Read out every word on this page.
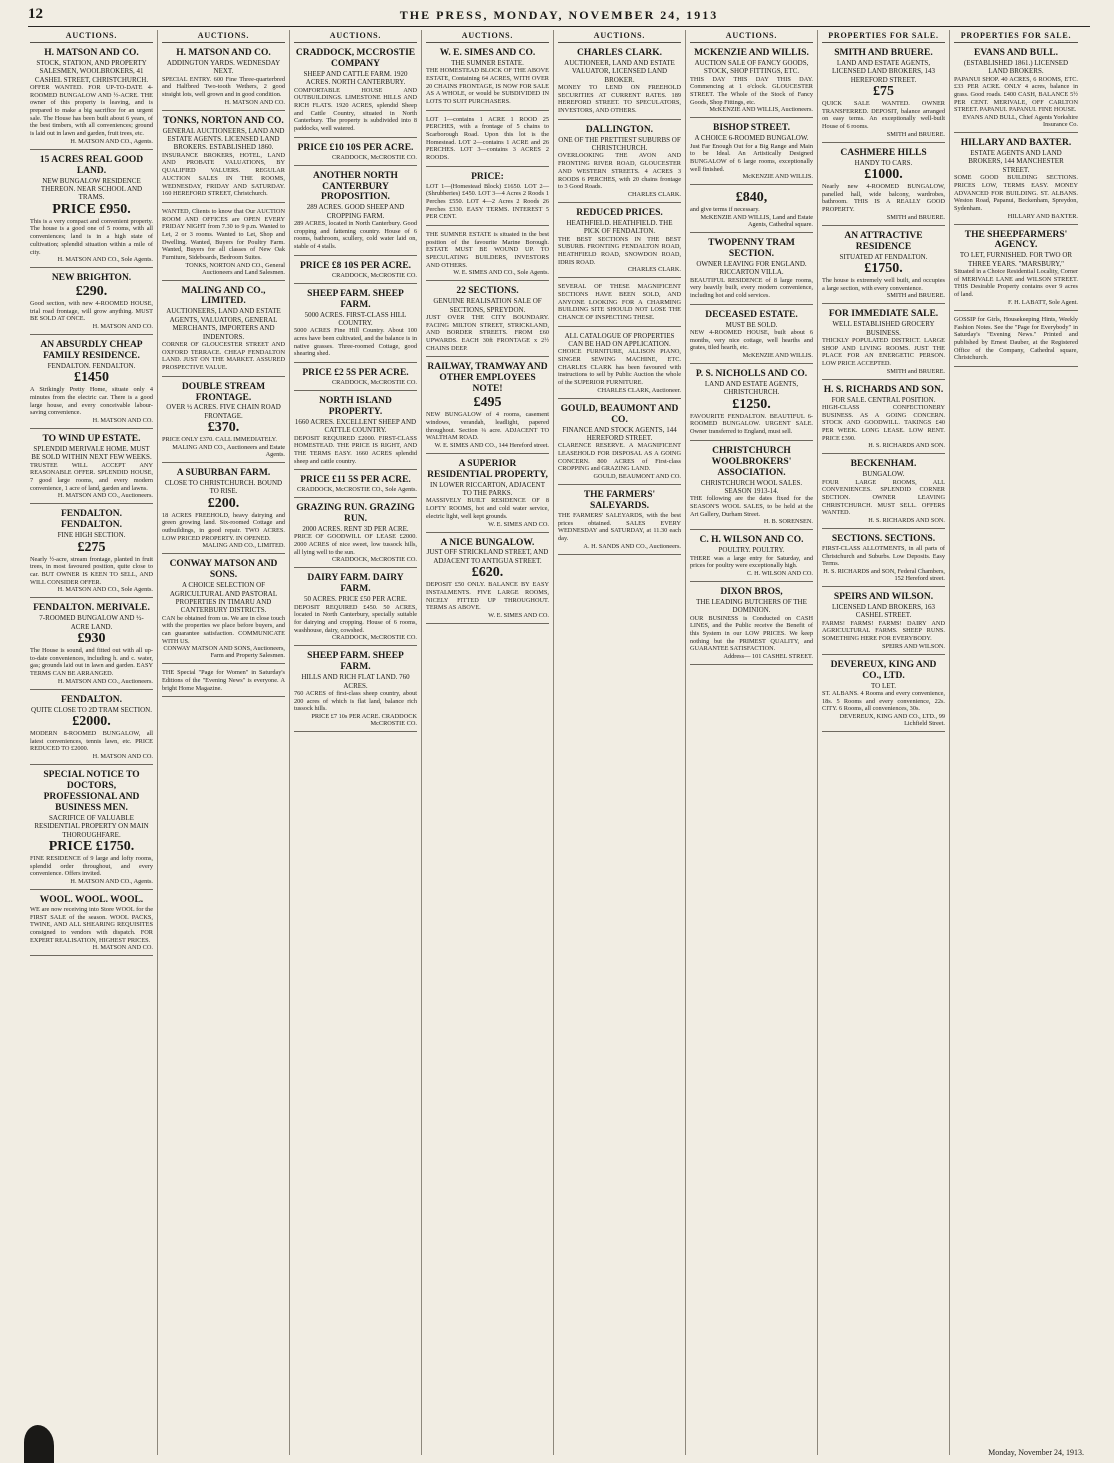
12	THE PRESS, MONDAY, NOVEMBER 24, 1913
AUCTIONS.

H. MATSON AND CO.

STOCK, STATION, AND PROPERTY SALESMEN, WOOLBROKERS, 41 CASHEL STREET, CHRISTCHURCH.

OFFER WANTED. FOR UP-TO-DATE 4-ROOMED BUNGALOW AND ½-ACRE. THE owner of this property is leaving, and is prepared to make a big sacrifice for an urgent sale. The House has been built about 6 years, of the best timbers, with all conveniences; ground is laid out in lawn and garden, fruit trees, etc.

H. MATSON AND CO., Agents.

15 ACRES REAL GOOD LAND.

NEW BUNGALOW RESIDENCE THEREON. NEAR SCHOOL AND TRAMS.

PRICE £950.

This is a very compact and convenient property. The house is a good one of 5 rooms, with all conveniences; land is in a high state of cultivation; splendid situation within a mile of city.

H. MATSON AND CO., Sole Agents.

NEW BRIGHTON.

£290.

Good section, with new 4-ROOMED HOUSE, trial road frontage, will grow anything. MUST BE SOLD AT ONCE.

H. MATSON AND CO.

AN ABSURDLY CHEAP FAMILY RESIDENCE.

FENDALTON. FENDALTON.

£1450

A Strikingly Pretty Home, situate only 4 minutes from the electric car. There is a good large house, and every conceivable labour-saving convenience.

H. MATSON AND CO.

TO WIND UP ESTATE.

SPLENDID MERIVALE HOME. MUST BE SOLD WITHIN NEXT FEW WEEKS.

TRUSTEE WILL ACCEPT ANY REASONABLE OFFER. SPLENDID HOUSE, 7 good large rooms, and every modern convenience, 1 acre of land, garden and lawns.

H. MATSON AND CO., Auctioneers.

FENDALTON. FENDALTON.

FINE HIGH SECTION.

£275

Nearly ½-acre, stream frontage, planted in fruit trees, in most favoured position, quite close to car. BUT OWNER IS KEEN TO SELL, AND WILL CONSIDER OFFER.

H. MATSON AND CO., Sole Agents.

FENDALTON. MERIVALE.

7-ROOMED BUNGALOW AND ½-ACRE LAND.

£930

The House is sound, and fitted out with all up-to-date conveniences, including h. and c. water, gas; grounds laid out in lawn and garden. EASY TERMS CAN BE ARRANGED.

H. MATSON AND CO., Auctioneers.

FENDALTON.

QUITE CLOSE TO 2D TRAM SECTION.

£2000.

MODERN 8-ROOMED BUNGALOW, all latest conveniences, tennis lawn, etc. PRICE REDUCED TO £2000.

H. MATSON AND CO.

SPECIAL NOTICE TO DOCTORS, PROFESSIONAL AND BUSINESS MEN.

SACRIFICE OF VALUABLE RESIDENTIAL PROPERTY ON MAIN THOROUGHFARE.

PRICE £1750.

FINE RESIDENCE of 9 large and lofty rooms, splendid order throughout, and every convenience. Offers invited.

H. MATSON AND CO., Agents.

WOOL. WOOL. WOOL.

WE are now receiving into Store WOOL for the FIRST SALE of the season. WOOL PACKS, TWINE, AND ALL SHEARING REQUISITES consigned to vendors with dispatch. FOR EXPERT REALISATION, HIGHEST PRICES.

H. MATSON AND CO.

AUCTIONS.

H. MATSON AND CO.

ADDINGTON YARDS. WEDNESDAY NEXT.

SPECIAL ENTRY. 600 Fine Three-quarterbred and Halfbred Two-tooth Wethers, 2 good straight lots, well grown and in good condition.

H. MATSON AND CO.

TONKS, NORTON AND CO.

GENERAL AUCTIONEERS, LAND AND ESTATE AGENTS. LICENSED LAND BROKERS. ESTABLISHED 1860.

INSURANCE BROKERS, HOTEL, LAND AND PROBATE VALUATIONS, BY QUALIFIED VALUERS. REGULAR AUCTION SALES IN THE ROOMS, WEDNESDAY, FRIDAY AND SATURDAY. 160 HEREFORD STREET, Christchurch.

WANTED, Clients to know that Our AUCTION ROOM AND OFFICES are OPEN EVERY FRIDAY NIGHT from 7.30 to 9 p.m. Wanted to Let, 2 or 3 rooms. Wanted to Let, Shop and Dwelling. Wanted, Buyers for Poultry Farm. Wanted, Buyers for all classes of New Oak Furniture, Sideboards, Bedroom Suites.

TONKS, NORTON AND CO., General Auctioneers and Land Salesmen.

MALING AND CO., LIMITED.

AUCTIONEERS, LAND AND ESTATE AGENTS, VALUATORS, GENERAL MERCHANTS, IMPORTERS AND INDENTORS.

CORNER OF GLOUCESTER STREET AND OXFORD TERRACE. CHEAP FENDALTON LAND. JUST ON THE MARKET. ASSURED PROSPECTIVE VALUE.

DOUBLE STREAM FRONTAGE.

OVER ½ ACRES. FIVE CHAIN ROAD FRONTAGE.

£370.

PRICE ONLY £370. CALL IMMEDIATELY.

MALING AND CO., Auctioneers and Estate Agents.

A SUBURBAN FARM.

CLOSE TO CHRISTCHURCH. BOUND TO RISE.

£200.

18 ACRES FREEHOLD, heavy dairying and green growing land. Six-roomed Cottage and outbuildings, in good repair. TWO ACRES. LOW PRICED PROPERTY. IN OPENED.

MALING AND CO., LIMITED.

CONWAY MATSON AND SONS.

A CHOICE SELECTION OF AGRICULTURAL AND PASTORAL PROPERTIES IN TIMARU AND CANTERBURY DISTRICTS.

CAN be obtained from us. We are in close touch with the properties we place before buyers, and can guarantee satisfaction. COMMUNICATE WITH US.

CONWAY MATSON AND SONS, Auctioneers, Farm and Property Salesmen.

THE Special "Page for Women" in Saturday's Editions of the "Evening News" is everyone. A bright Home Magazine.

AUCTIONS.

CRADDOCK, MCCROSTIE COMPANY

SHEEP AND CATTLE FARM. 1920 ACRES. NORTH CANTERBURY.

COMFORTABLE HOUSE AND OUTBUILDINGS. LIMESTONE HILLS AND RICH FLATS. 1920 ACRES, splendid Sheep and Cattle Country, situated in North Canterbury. The property is subdivided into 8 paddocks, well watered.

PRICE £10 10S PER ACRE.

CRADDOCK, McCROSTIE CO.

ANOTHER NORTH CANTERBURY PROPOSITION.

289 ACRES. GOOD SHEEP AND CROPPING FARM.

289 ACRES, located in North Canterbury. Good cropping and fattening country. House of 6 rooms, bathroom, scullery, cold water laid on, stable of 4 stalls.

PRICE £8 10S PER ACRE.

CRADDOCK, McCROSTIE CO.

SHEEP FARM. SHEEP FARM.

5000 ACRES. FIRST-CLASS HILL COUNTRY.

5000 ACRES Fine Hill Country. About 100 acres have been cultivated, and the balance is in native grasses. Three-roomed Cottage, good shearing shed.

PRICE £2 5S PER ACRE.

CRADDOCK, McCROSTIE CO.

NORTH ISLAND PROPERTY.

1660 ACRES. EXCELLENT SHEEP AND CATTLE COUNTRY.

DEPOSIT REQUIRED £2000. FIRST-CLASS HOMESTEAD. THE PRICE IS RIGHT, AND THE TERMS EASY. 1660 ACRES splendid sheep and cattle country.

PRICE £11 5S PER ACRE.

CRADDOCK, McCROSTIE CO., Sole Agents.

GRAZING RUN. GRAZING RUN.

2000 ACRES. RENT 3D PER ACRE.

PRICE OF GOODWILL OF LEASE £2000. 2000 ACRES of nice sweet, low tussock hills, all lying well to the sun.

CRADDOCK, McCROSTIE CO.

DAIRY FARM. DAIRY FARM.

50 ACRES. PRICE £50 PER ACRE.

DEPOSIT REQUIRED £450. 50 ACRES, located in North Canterbury, specially suitable for dairying and cropping. House of 6 rooms, washhouse, dairy, cowshed.

CRADDOCK, McCROSTIE CO.

SHEEP FARM. SHEEP FARM.

HILLS AND RICH FLAT LAND. 760 ACRES.

760 ACRES of first-class sheep country, about 200 acres of which is flat land, balance rich tussock hills.

PRICE £7 10s PER ACRE. CRADDOCK McCROSTIE CO.

AUCTIONS.

W. E. SIMES AND CO.

THE SUMNER ESTATE.

THE HOMESTEAD BLOCK OF THE ABOVE ESTATE, Containing 64 ACRES, WITH OVER 20 CHAINS FRONTAGE, IS NOW FOR SALE AS A WHOLE, or would be SUBDIVIDED IN LOTS TO SUIT PURCHASERS.

LOT 1—contains 1 ACRE 1 ROOD 25 PERCHES, with a frontage of 5 chains to Scarborough Road. Upon this lot is the Homestead. LOT 2—contains 1 ACRE and 26 PERCHES. LOT 3—contains 3 ACRES 2 ROODS.

PRICE:

LOT 1—(Homestead Block) £1650. LOT 2—(Shrubberies) £450. LOT 3—4 Acres 2 Roods 1 Perches £550. LOT 4—2 Acres 2 Roods 26 Perches £330. EASY TERMS. INTEREST 5 PER CENT.

THE SUMNER ESTATE is situated in the best position of the favourite Marine Borough. ESTATE MUST BE WOUND UP. TO SPECULATING BUILDERS, INVESTORS AND OTHERS.

W. E. SIMES AND CO., Sole Agents.

22 SECTIONS.

GENUINE REALISATION SALE OF SECTIONS, SPREYDON.

JUST OVER THE CITY BOUNDARY. FACING MILTON STREET, STRICKLAND, AND BORDER STREETS. FROM £60 UPWARDS. EACH 30ft FRONTAGE x 2½ CHAINS DEEP.

RAILWAY, TRAMWAY AND OTHER EMPLOYEES NOTE!

£495

NEW BUNGALOW of 4 rooms, casement windows, verandah, leadlight, papered throughout. Section ¼ acre. ADJACENT TO WALTHAM ROAD.

W. E. SIMES AND CO., 144 Hereford street.

A SUPERIOR RESIDENTIAL PROPERTY,

IN LOWER RICCARTON, ADJACENT TO THE PARKS.

MASSIVELY BUILT RESIDENCE OF 8 LOFTY ROOMS, hot and cold water service, electric light, well kept grounds.

W. E. SIMES AND CO.

A NICE BUNGALOW.

JUST OFF STRICKLAND STREET, AND ADJACENT TO ANTIGUA STREET.

£620.

DEPOSIT £50 ONLY. BALANCE BY EASY INSTALMENTS. FIVE LARGE ROOMS, NICELY FITTED UP THROUGHOUT. TERMS AS ABOVE.

W. E. SIMES AND CO.

AUCTIONS.

CHARLES CLARK.

AUCTIONEER, LAND AND ESTATE VALUATOR, LICENSED LAND BROKER.

MONEY TO LEND ON FREEHOLD SECURITIES AT CURRENT RATES. 189 HEREFORD STREET. TO SPECULATORS, INVESTORS, AND OTHERS.

DALLINGTON.

ONE OF THE PRETTIEST SUBURBS OF CHRISTCHURCH.

OVERLOOKING THE AVON AND FRONTING RIVER ROAD, GLOUCESTER AND WESTERN STREETS. 4 ACRES 3 ROODS 6 PERCHES, with 20 chains frontage to 3 Good Roads.

CHARLES CLARK.

REDUCED PRICES.

HEATHFIELD. HEATHFIELD. THE PICK OF FENDALTON.

THE BEST SECTIONS IN THE BEST SUBURB. FRONTING FENDALTON ROAD, HEATHFIELD ROAD, SNOWDON ROAD, IDRIS ROAD.

CHARLES CLARK.

SEVERAL OF THESE MAGNIFICENT SECTIONS HAVE BEEN SOLD, AND ANYONE LOOKING FOR A CHARMING BUILDING SITE SHOULD NOT LOSE THE CHANCE OF INSPECTING THESE.

ALL CATALOGUE OF PROPERTIES CAN BE HAD ON APPLICATION.

CHOICE FURNITURE, ALLISON PIANO, SINGER SEWING MACHINE, ETC. CHARLES CLARK has been favoured with instructions to sell by Public Auction the whole of the SUPERIOR FURNITURE.

CHARLES CLARK, Auctioneer.

GOULD, BEAUMONT AND CO.

FINANCE AND STOCK AGENTS, 144 HEREFORD STREET.

CLARENCE RESERVE. A MAGNIFICENT LEASEHOLD FOR DISPOSAL AS A GOING CONCERN. 800 ACRES of First-class CROPPING and GRAZING LAND.

GOULD, BEAUMONT AND CO.

THE FARMERS' SALEYARDS.

THE FARMERS' SALEYARDS, with the best prices obtained. SALES EVERY WEDNESDAY and SATURDAY, at 11.30 each day.

A. H. SANDS AND CO., Auctioneers.

AUCTIONS.

MCKENZIE AND WILLIS.

AUCTION SALE OF FANCY GOODS, STOCK, SHOP FITTINGS, ETC.

THIS DAY THIS DAY THIS DAY. Commencing at 1 o'clock. GLOUCESTER STREET. The Whole of the Stock of Fancy Goods, Shop Fittings, etc.

McKENZIE AND WILLIS, Auctioneers.

BISHOP STREET.

A CHOICE 6-ROOMED BUNGALOW.

Just Far Enough Out for a Big Range and Main to be Ideal. An Artistically Designed BUNGALOW of 6 large rooms, exceptionally well finished.

McKENZIE AND WILLIS.

£840,

and give terms if necessary.

McKENZIE AND WILLIS, Land and Estate Agents, Cathedral square.

TWOPENNY TRAM SECTION.

OWNER LEAVING FOR ENGLAND. RICCARTON VILLA.

BEAUTIFUL RESIDENCE of 8 large rooms, very heavily built, every modern convenience, including hot and cold services.

DECEASED ESTATE.

MUST BE SOLD.

NEW 4-ROOMED HOUSE, built about 6 months, very nice cottage, well hearths and grates, tiled hearth, etc.

McKENZIE AND WILLIS.

P. S. NICHOLLS AND CO.

LAND AND ESTATE AGENTS, CHRISTCHURCH.

£1250.

FAVOURITE FENDALTON. BEAUTIFUL 6-ROOMED BUNGALOW. URGENT SALE. Owner transferred to England, must sell.

CHRISTCHURCH WOOLBROKERS' ASSOCIATION.

CHRISTCHURCH WOOL SALES. SEASON 1913-14.

THE following are the dates fixed for the SEASON'S WOOL SALES, to be held at the Art Gallery, Durham Street.

H. B. SORENSEN.

C. H. WILSON AND CO.

POULTRY. POULTRY.

THERE was a large entry for Saturday, and prices for poultry were exceptionally high.

C. H. WILSON AND CO.

DIXON BROS,

THE LEADING BUTCHERS OF THE DOMINION.

OUR BUSINESS is Conducted on CASH LINES, and the Public receive the Benefit of this System in our LOW PRICES. We keep nothing but the PRIMEST QUALITY, and GUARANTEE SATISFACTION.

Address— 101 CASHEL STREET.

PROPERTIES FOR SALE.

SMITH AND BRUERE.

LAND AND ESTATE AGENTS, LICENSED LAND BROKERS, 143 HEREFORD STREET.

£75

QUICK SALE WANTED. OWNER TRANSFERRED. DEPOSIT, balance arranged on easy terms. An exceptionally well-built House of 6 rooms.

SMITH and BRUERE.

CASHMERE HILLS

HANDY TO CARS.

£1000.

Nearly new 4-ROOMED BUNGALOW, panelled hall, wide balcony, wardrobes, bathroom. THIS IS A REALLY GOOD PROPERTY.

SMITH and BRUERE.

AN ATTRACTIVE RESIDENCE

SITUATED AT FENDALTON.

£1750.

The house is extremely well built, and occupies a large section, with every convenience.

SMITH and BRUERE.

FOR IMMEDIATE SALE.

WELL ESTABLISHED GROCERY BUSINESS.

THICKLY POPULATED DISTRICT. LARGE SHOP AND LIVING ROOMS. JUST THE PLACE FOR AN ENERGETIC PERSON. LOW PRICE ACCEPTED.

SMITH and BRUERE.

H. S. RICHARDS AND SON.

FOR SALE. CENTRAL POSITION.

HIGH-CLASS CONFECTIONERY BUSINESS. AS A GOING CONCERN. STOCK AND GOODWILL. TAKINGS £40 PER WEEK. LONG LEASE. LOW RENT. PRICE £390.

H. S. RICHARDS AND SON.

BECKENHAM.

BUNGALOW.

FOUR LARGE ROOMS, ALL CONVENIENCES. SPLENDID CORNER SECTION. OWNER LEAVING CHRISTCHURCH. MUST SELL. OFFERS WANTED.

H. S. RICHARDS AND SON.

SECTIONS. SECTIONS.

FIRST-CLASS ALLOTMENTS, in all parts of Christchurch and Suburbs. Low Deposits. Easy Terms.

H. S. RICHARDS and SON, Federal Chambers, 152 Hereford street.

SPEIRS AND WILSON.

LICENSED LAND BROKERS, 163 CASHEL STREET.

FARMS! FARMS! FARMS! DAIRY AND AGRICULTURAL FARMS. SHEEP RUNS. SOMETHING HERE FOR EVERYBODY.

SPEIRS AND WILSON.

DEVEREUX, KING AND CO., LTD.

TO LET.

ST. ALBANS. 4 Rooms and every convenience, 18s. 5 Rooms and every convenience, 22s. CITY. 6 Rooms, all conveniences, 30s.

DEVEREUX, KING AND CO., LTD., 99 Lichfield Street.

PROPERTIES FOR SALE.

EVANS AND BULL.

(ESTABLISHED 1861.) LICENSED LAND BROKERS.

PAPANUI SHOP. 40 ACRES, 6 ROOMS, ETC. £33 PER ACRE. ONLY 4 acres, balance in grass. Good roads. £400 CASH, BALANCE 5½ PER CENT. MERIVALE, OFF CARLTON STREET. PAPANUI. PAPANUI. FINE HOUSE.

EVANS AND BULL, Chief Agents Yorkshire Insurance Co.

HILLARY AND BAXTER.

ESTATE AGENTS AND LAND BROKERS, 144 MANCHESTER STREET.

SOME GOOD BUILDING SECTIONS. PRICES LOW, TERMS EASY. MONEY ADVANCED FOR BUILDING. ST. ALBANS. Weston Road, Papanui, Beckenham, Spreydon, Sydenham.

HILLARY AND BAXTER.

THE SHEEPFARMERS' AGENCY.

TO LET, FURNISHED. FOR TWO OR THREE YEARS. "MARSBURY,"

Situated in a Choice Residential Locality, Corner of MERIVALE LANE and WILSON STREET. THIS Desirable Property contains over 9 acres of land.

F. H. LABATT, Sole Agent.

GOSSIP for Girls, Housekeeping Hints, Weekly Fashion Notes. See the "Page for Everybody" in Saturday's "Evening News." Printed and published by Ernest Dauber, at the Registered Office of the Company, Cathedral square, Christchurch.

Monday, November 24, 1913.
